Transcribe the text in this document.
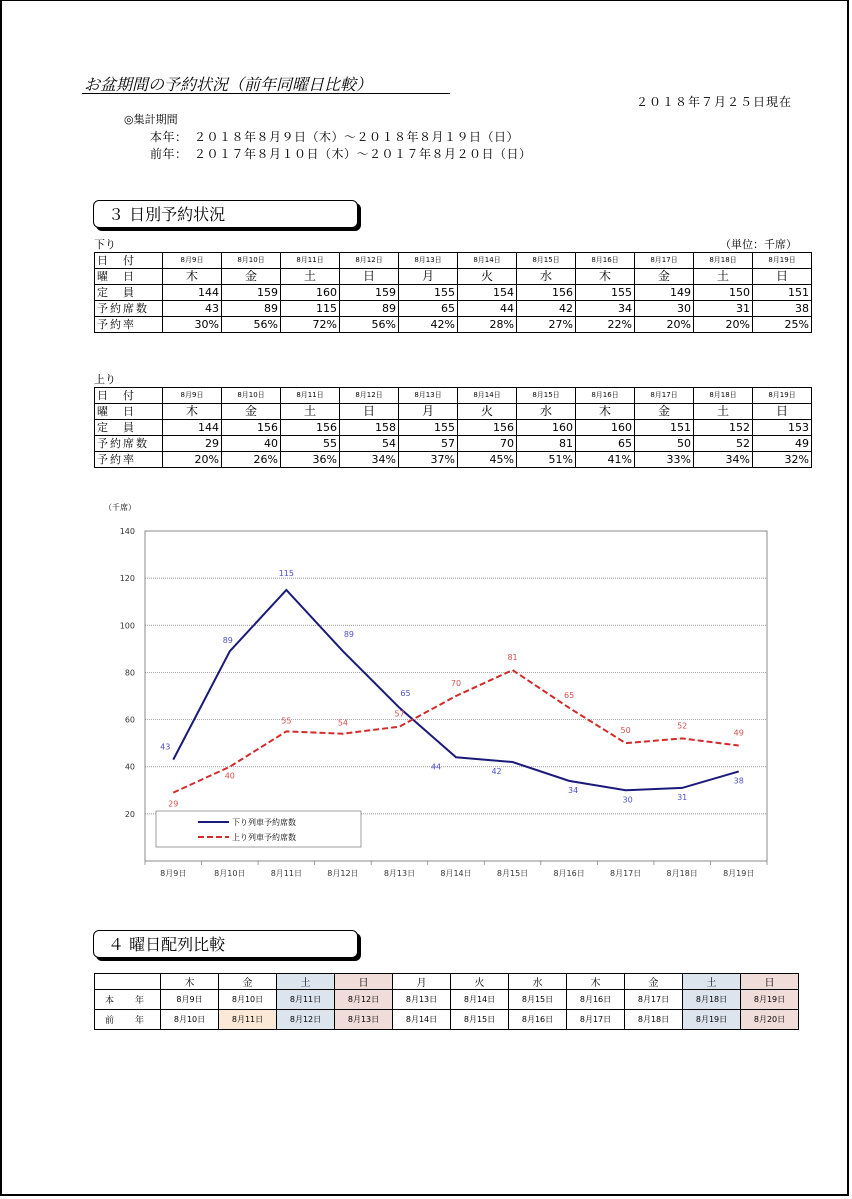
お盆期間の予約状況（前年同曜日比較）
２０１８年７月２５日現在
◎集計期間
本年：　２０１８年８月９日（木）～２０１８年８月１９日（日）
前年：　２０１７年８月１０日（木）～２０１７年８月２０日（日）
３ 日別予約状況
下り	（単位：千席）
日　付	8月9日	8月10日	8月11日	8月12日	8月13日	8月14日	8月15日	8月16日	8月17日	8月18日	8月19日
曜　日	木	金	土	日	月	火	水	木	金	土	日
定　員	144	159	160	159	155	154	156	155	149	150	151
予約席数	43	89	115	89	65	44	42	34	30	31	38
予約率	30%	56%	72%	56%	42%	28%	27%	22%	20%	20%	25%
上り
日　付	8月9日	8月10日	8月11日	8月12日	8月13日	8月14日	8月15日	8月16日	8月17日	8月18日	8月19日
曜　日	木	金	土	日	月	火	水	木	金	土	日
定　員	144	156	156	158	155	156	160	160	151	152	153
予約席数	29	40	55	54	57	70	81	65	50	52	49
予約率	20%	26%	36%	34%	37%	45%	51%	41%	33%	34%	32%
（千席）
20
40
60
80
100
120
140
8月9日	8月10日	8月11日	8月12日	8月13日	8月14日	8月15日	8月16日	8月17日	8月18日	8月19日
43
89
115
89
65
44
42
34
30	31
38
29
40
55	54
57
70
81
65
50
52
49
下り列車予約席数
上り列車予約席数
４ 曜日配列比較
	木	金	土	日	月	火	水	木	金	土	日
本　年	8月9日	8月10日	8月11日	8月12日	8月13日	8月14日	8月15日	8月16日	8月17日	8月18日	8月19日
前　年	8月10日	8月11日	8月12日	8月13日	8月14日	8月15日	8月16日	8月17日	8月18日	8月19日	8月20日
